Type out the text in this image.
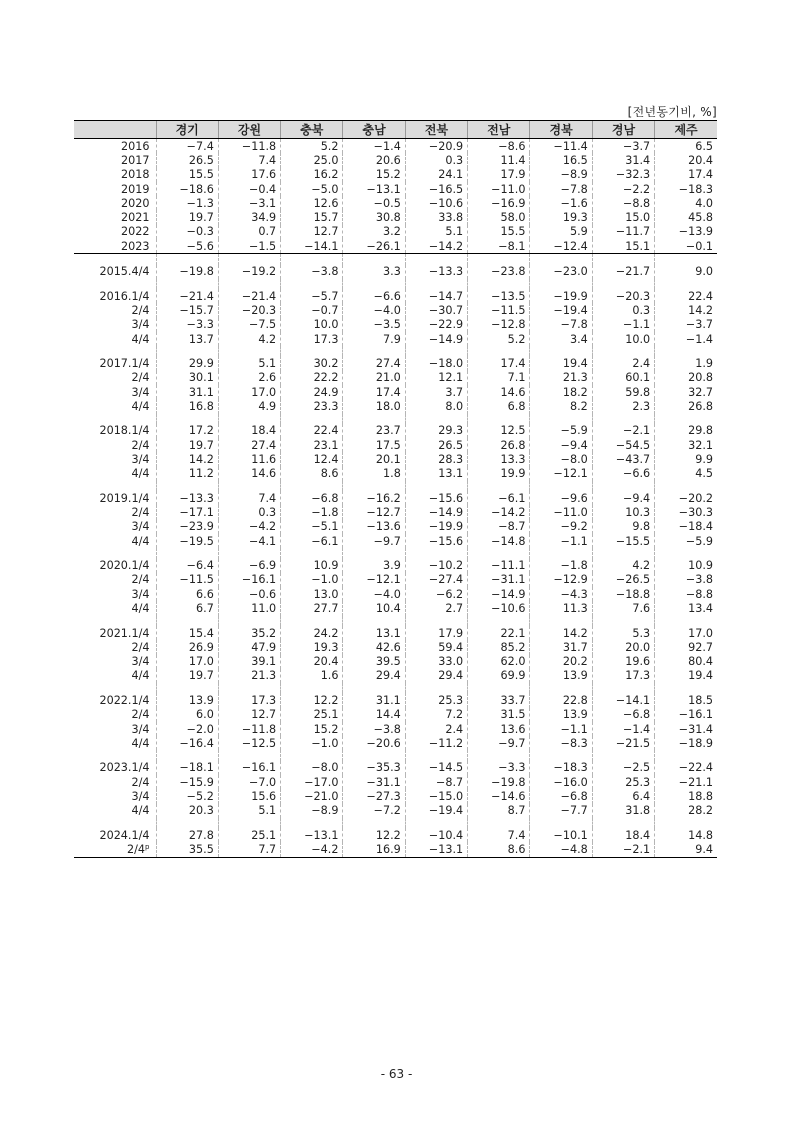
[전년동기비, %]
	경기	강원	충북	충남	전북	전남	경북	경남	제주
2016	−7.4	−11.8	5.2	−1.4	−20.9	−8.6	−11.4	−3.7	6.5
2017	26.5	7.4	25.0	20.6	0.3	11.4	16.5	31.4	20.4
2018	15.5	17.6	16.2	15.2	24.1	17.9	−8.9	−32.3	17.4
2019	−18.6	−0.4	−5.0	−13.1	−16.5	−11.0	−7.8	−2.2	−18.3
2020	−1.3	−3.1	12.6	−0.5	−10.6	−16.9	−1.6	−8.8	4.0
2021	19.7	34.9	15.7	30.8	33.8	58.0	19.3	15.0	45.8
2022	−0.3	0.7	12.7	3.2	5.1	15.5	5.9	−11.7	−13.9
2023	−5.6	−1.5	−14.1	−26.1	−14.2	−8.1	−12.4	15.1	−0.1

2015.4/4	−19.8	−19.2	−3.8	3.3	−13.3	−23.8	−23.0	−21.7	9.0

2016.1/4	−21.4	−21.4	−5.7	−6.6	−14.7	−13.5	−19.9	−20.3	22.4
2/4	−15.7	−20.3	−0.7	−4.0	−30.7	−11.5	−19.4	0.3	14.2
3/4	−3.3	−7.5	10.0	−3.5	−22.9	−12.8	−7.8	−1.1	−3.7
4/4	13.7	4.2	17.3	7.9	−14.9	5.2	3.4	10.0	−1.4

2017.1/4	29.9	5.1	30.2	27.4	−18.0	17.4	19.4	2.4	1.9
2/4	30.1	2.6	22.2	21.0	12.1	7.1	21.3	60.1	20.8
3/4	31.1	17.0	24.9	17.4	3.7	14.6	18.2	59.8	32.7
4/4	16.8	4.9	23.3	18.0	8.0	6.8	8.2	2.3	26.8

2018.1/4	17.2	18.4	22.4	23.7	29.3	12.5	−5.9	−2.1	29.8
2/4	19.7	27.4	23.1	17.5	26.5	26.8	−9.4	−54.5	32.1
3/4	14.2	11.6	12.4	20.1	28.3	13.3	−8.0	−43.7	9.9
4/4	11.2	14.6	8.6	1.8	13.1	19.9	−12.1	−6.6	4.5

2019.1/4	−13.3	7.4	−6.8	−16.2	−15.6	−6.1	−9.6	−9.4	−20.2
2/4	−17.1	0.3	−1.8	−12.7	−14.9	−14.2	−11.0	10.3	−30.3
3/4	−23.9	−4.2	−5.1	−13.6	−19.9	−8.7	−9.2	9.8	−18.4
4/4	−19.5	−4.1	−6.1	−9.7	−15.6	−14.8	−1.1	−15.5	−5.9

2020.1/4	−6.4	−6.9	10.9	3.9	−10.2	−11.1	−1.8	4.2	10.9
2/4	−11.5	−16.1	−1.0	−12.1	−27.4	−31.1	−12.9	−26.5	−3.8
3/4	6.6	−0.6	13.0	−4.0	−6.2	−14.9	−4.3	−18.8	−8.8
4/4	6.7	11.0	27.7	10.4	2.7	−10.6	11.3	7.6	13.4

2021.1/4	15.4	35.2	24.2	13.1	17.9	22.1	14.2	5.3	17.0
2/4	26.9	47.9	19.3	42.6	59.4	85.2	31.7	20.0	92.7
3/4	17.0	39.1	20.4	39.5	33.0	62.0	20.2	19.6	80.4
4/4	19.7	21.3	1.6	29.4	29.4	69.9	13.9	17.3	19.4

2022.1/4	13.9	17.3	12.2	31.1	25.3	33.7	22.8	−14.1	18.5
2/4	6.0	12.7	25.1	14.4	7.2	31.5	13.9	−6.8	−16.1
3/4	−2.0	−11.8	15.2	−3.8	2.4	13.6	−1.1	−1.4	−31.4
4/4	−16.4	−12.5	−1.0	−20.6	−11.2	−9.7	−8.3	−21.5	−18.9

2023.1/4	−18.1	−16.1	−8.0	−35.3	−14.5	−3.3	−18.3	−2.5	−22.4
2/4	−15.9	−7.0	−17.0	−31.1	−8.7	−19.8	−16.0	25.3	−21.1
3/4	−5.2	15.6	−21.0	−27.3	−15.0	−14.6	−6.8	6.4	18.8
4/4	20.3	5.1	−8.9	−7.2	−19.4	8.7	−7.7	31.8	28.2

2024.1/4	27.8	25.1	−13.1	12.2	−10.4	7.4	−10.1	18.4	14.8
2/4$^p$	35.5	7.7	−4.2	16.9	−13.1	8.6	−4.8	−2.1	9.4
- 63 -
